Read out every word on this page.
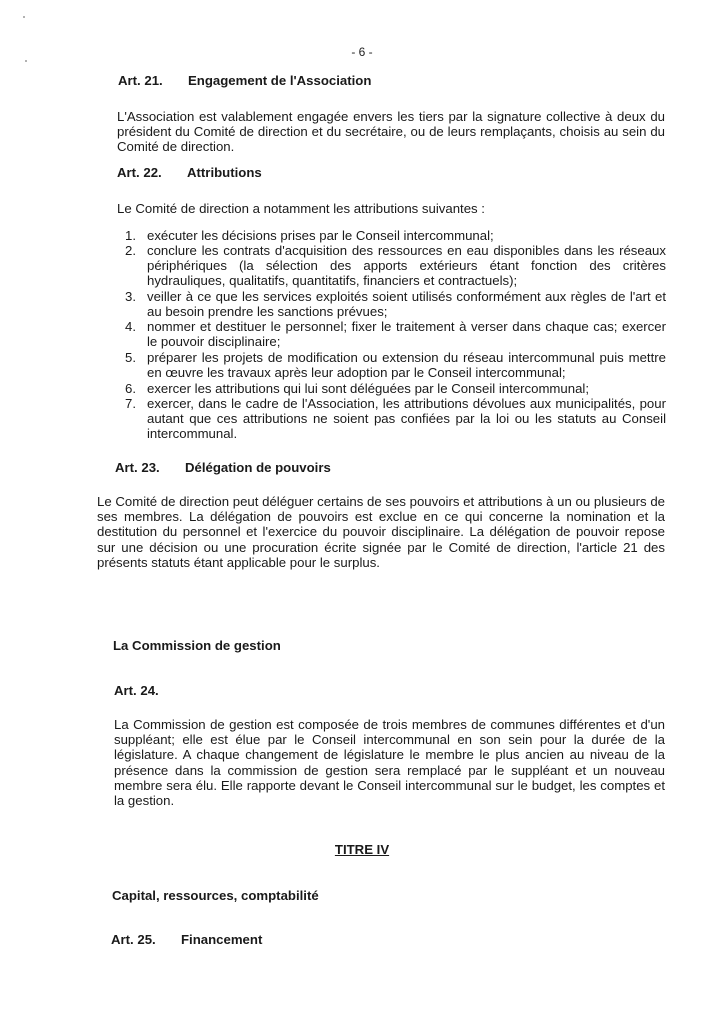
- 6 -
Art. 21. Engagement de l'Association
L'Association est valablement engagée envers les tiers par la signature collective à deux du président du Comité de direction et du secrétaire, ou de leurs remplaçants, choisis au sein du Comité de direction.
Art. 22. Attributions
Le Comité de direction a notamment les attributions suivantes :
1. exécuter les décisions prises par le Conseil intercommunal;
2. conclure les contrats d'acquisition des ressources en eau disponibles dans les réseaux périphériques (la sélection des apports extérieurs étant fonction des critères hydrauliques, qualitatifs, quantitatifs, financiers et contractuels);
3. veiller à ce que les services exploités soient utilisés conformément aux règles de l'art et au besoin prendre les sanctions prévues;
4. nommer et destituer le personnel; fixer le traitement à verser dans chaque cas; exercer le pouvoir disciplinaire;
5. préparer les projets de modification ou extension du réseau intercommunal puis mettre en œuvre les travaux après leur adoption par le Conseil intercommunal;
6. exercer les attributions qui lui sont déléguées par le Conseil intercommunal;
7. exercer, dans le cadre de l'Association, les attributions dévolues aux municipalités, pour autant que ces attributions ne soient pas confiées par la loi ou les statuts au Conseil intercommunal.
Art. 23. Délégation de pouvoirs
Le Comité de direction peut déléguer certains de ses pouvoirs et attributions à un ou plusieurs de ses membres. La délégation de pouvoirs est exclue en ce qui concerne la nomination et la destitution du personnel et l'exercice du pouvoir disciplinaire. La délégation de pouvoir repose sur une décision ou une procuration écrite signée par le Comité de direction, l'article 21 des présents statuts étant applicable pour le surplus.
La Commission de gestion
Art. 24.
La Commission de gestion est composée de trois membres de communes différentes et d'un suppléant; elle est élue par le Conseil intercommunal en son sein pour la durée de la législature. A chaque changement de législature le membre le plus ancien au niveau de la présence dans la commission de gestion sera remplacé par le suppléant et un nouveau membre sera élu. Elle rapporte devant le Conseil intercommunal sur le budget, les comptes et la gestion.
TITRE IV
Capital, ressources, comptabilité
Art. 25. Financement
